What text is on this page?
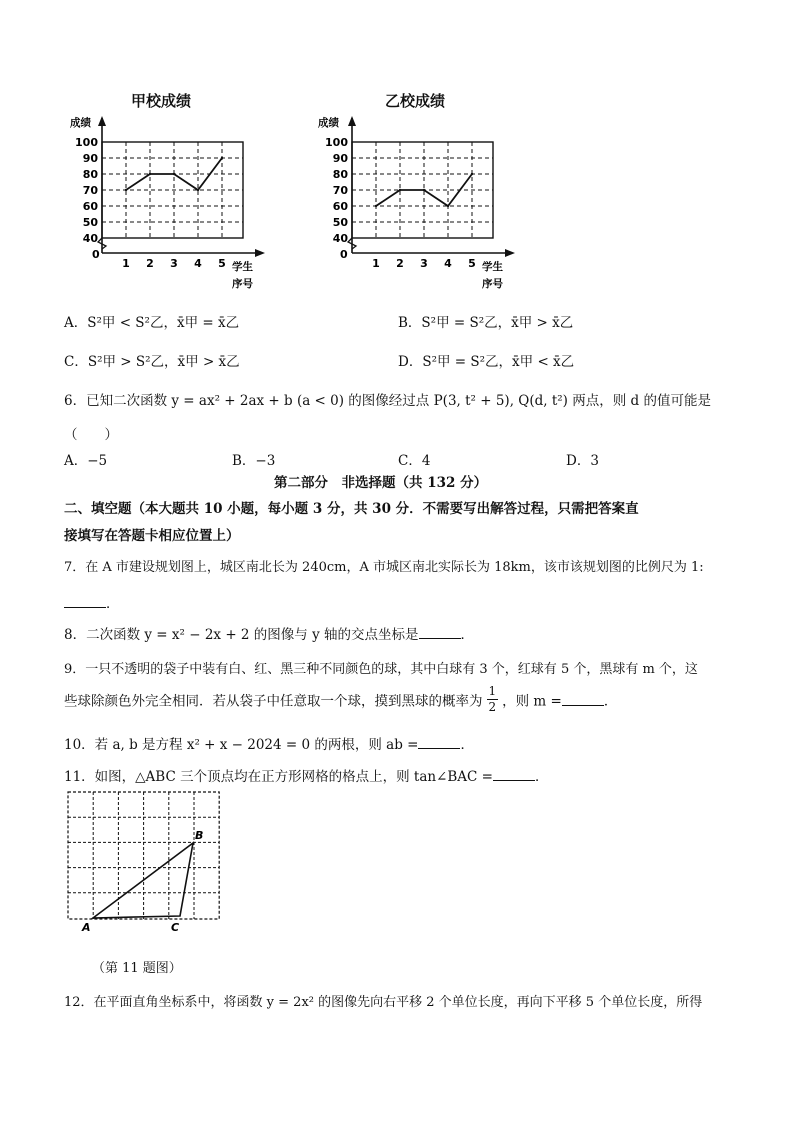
甲校成绩	乙校成绩
成绩
100
90
80
70
60
50
40
1 2 3 4 5
0
学生
序号
成绩
100
90
80
70
60
50
40
1 2 3 4 5
0
学生
序号
A．S²甲 < S²乙，x̄甲 = x̄乙	B．S²甲 = S²乙，x̄甲 > x̄乙
C．S²甲 > S²乙，x̄甲 > x̄乙	D．S²甲 = S²乙，x̄甲 < x̄乙
6．已知二次函数 y = ax² + 2ax + b (a < 0) 的图像经过点 P(3, t² + 5), Q(d, t²) 两点，则 d 的值可能是
（　　）
A．−5	B．−3	C．4	D．3
第二部分　非选择题（共 132 分）
二、填空题（本大题共 10 小题，每小题 3 分，共 30 分．不需要写出解答过程，只需把答案直
接填写在答题卡相应位置上）
7．在 A 市建设规划图上，城区南北长为 240cm，A 市城区南北实际长为 18km，该市该规划图的比例尺为 1:
．
8．二次函数 y = x² − 2x + 2 的图像与 y 轴的交点坐标是	．
9．一只不透明的袋子中装有白、红、黑三种不同颜色的球，其中白球有 3 个，红球有 5 个，黑球有 m 个，这
些球除颜色外完全相同．若从袋子中任意取一个球，摸到黑球的概率为 $\frac{1}{2}$ ，则 m =	．
10．若 a, b 是方程 x² + x − 2024 = 0 的两根，则 ab =	．
11．如图，△ABC 三个顶点均在正方形网格的格点上，则 tan∠BAC =	．
A
B
C
（第 11 题图）
12．在平面直角坐标系中，将函数 y = 2x² 的图像先向右平移 2 个单位长度，再向下平移 5 个单位长度，所得
